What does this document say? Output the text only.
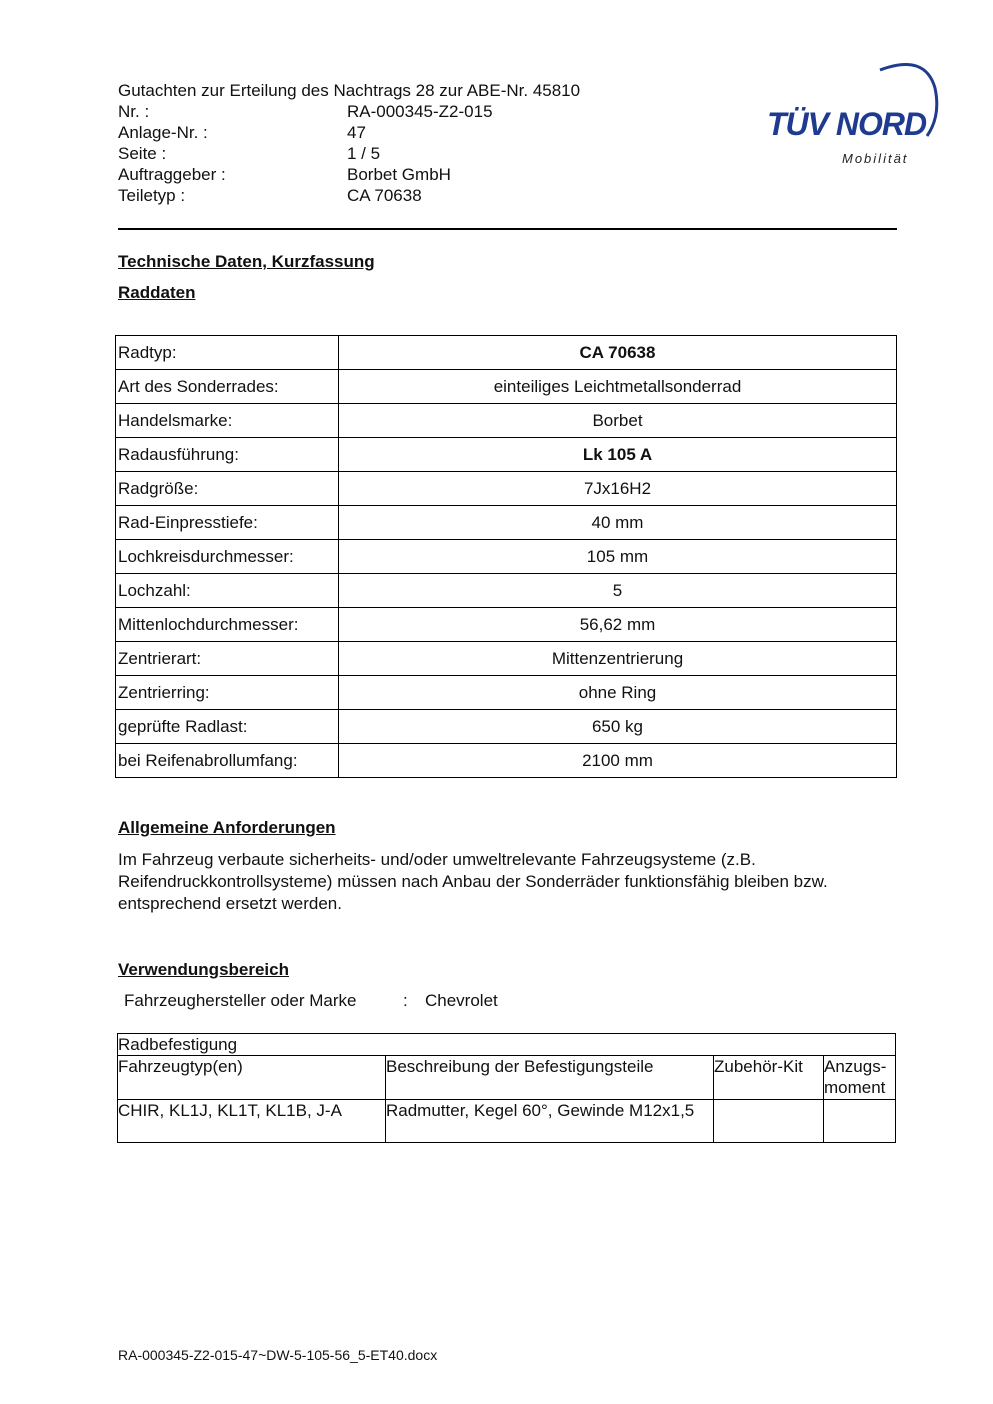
Gutachten zur Erteilung des Nachtrags 28 zur ABE-Nr. 45810
Nr. :	RA-000345-Z2-015
Anlage-Nr. :	47
Seite :	1 / 5
Auftraggeber :	Borbet GmbH
Teiletyp :	CA 70638
TÜV NORD
Mobilität
Technische Daten, Kurzfassung
Raddaten
Radtyp:	CA 70638
Art des Sonderrades:	einteiliges Leichtmetallsonderrad
Handelsmarke:	Borbet
Radausführung:	Lk 105 A
Radgröße:	7Jx16H2
Rad-Einpresstiefe:	40 mm
Lochkreisdurchmesser:	105 mm
Lochzahl:	5
Mittenlochdurchmesser:	56,62 mm
Zentrierart:	Mittenzentrierung
Zentrierring:	ohne Ring
geprüfte Radlast:	650 kg
bei Reifenabrollumfang:	2100 mm
Allgemeine Anforderungen
Im Fahrzeug verbaute sicherheits- und/oder umweltrelevante Fahrzeugsysteme (z.B. Reifendruckkontrollsysteme) müssen nach Anbau der Sonderräder funktionsfähig bleiben bzw. entsprechend ersetzt werden.
Verwendungsbereich
Fahrzeughersteller oder Marke	: Chevrolet
Radbefestigung			
Fahrzeugtyp(en)	Beschreibung der Befestigungsteile	Zubehör-Kit	Anzugs-moment
CHIR, KL1J, KL1T, KL1B, J-A	Radmutter, Kegel 60°, Gewinde M12x1,5		
RA-000345-Z2-015-47~DW-5-105-56_5-ET40.docx
